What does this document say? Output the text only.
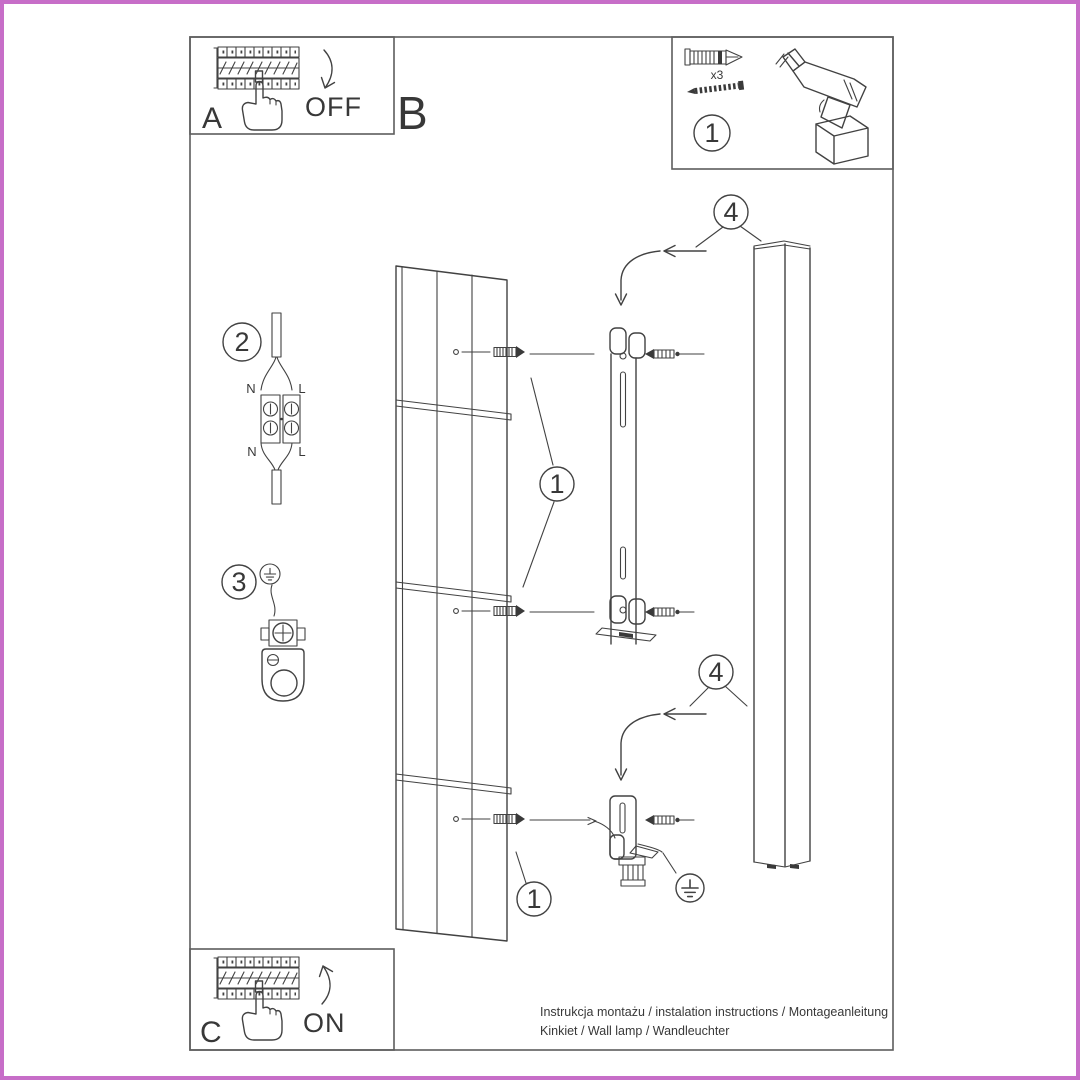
A	OFF B
x3
1
2
N	L
N	L
3
4
4
1
1
C	ON	Instrukcja montażu / instalation instructions / Montageanleitung
Kinkiet / Wall lamp / Wandleuchter
